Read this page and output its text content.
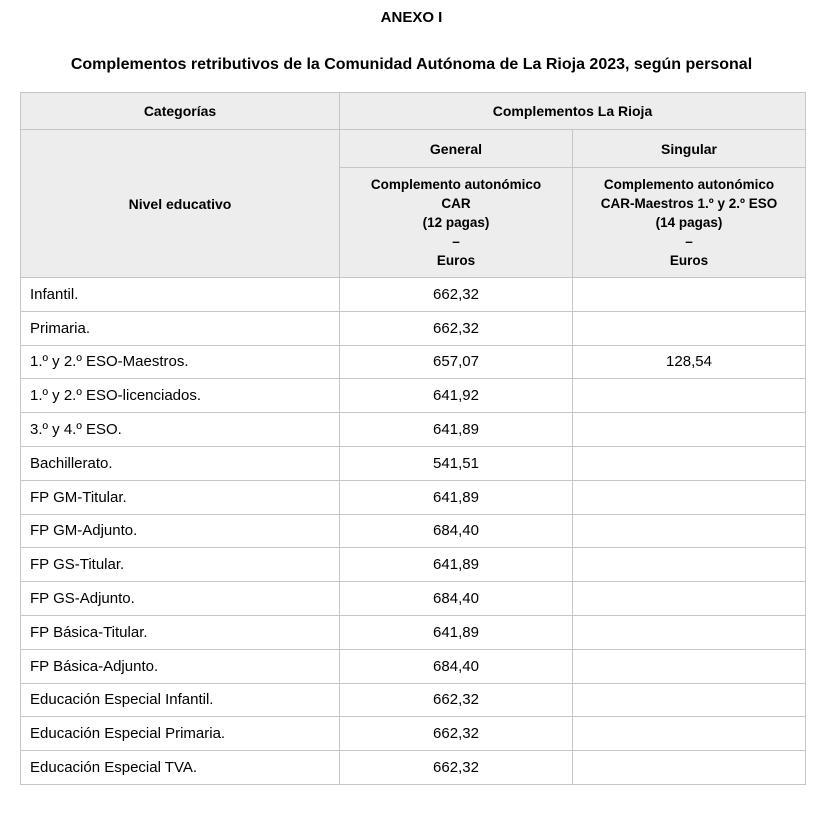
ANEXO I
Complementos retributivos de la Comunidad Autónoma de La Rioja 2023, según personal
Categorías	Complementos La Rioja	
Nivel educativo	General	Singular

Complemento autonómico
CAR
(12 pagas)
–
Euros

Complemento autonómico
CAR-Maestros 1.º y 2.º ESO
(14 pagas)
–
Euros

Infantil.	662,32	
Primaria.	662,32	
1.º y 2.º ESO-Maestros.	657,07	128,54
1.º y 2.º ESO-licenciados.	641,92	
3.º y 4.º ESO.	641,89	
Bachillerato.	541,51	
FP GM-Titular.	641,89	
FP GM-Adjunto.	684,40	
FP GS-Titular.	641,89	
FP GS-Adjunto.	684,40	
FP Básica-Titular.	641,89	
FP Básica-Adjunto.	684,40	
Educación Especial Infantil.	662,32	
Educación Especial Primaria.	662,32	
Educación Especial TVA.	662,32	
